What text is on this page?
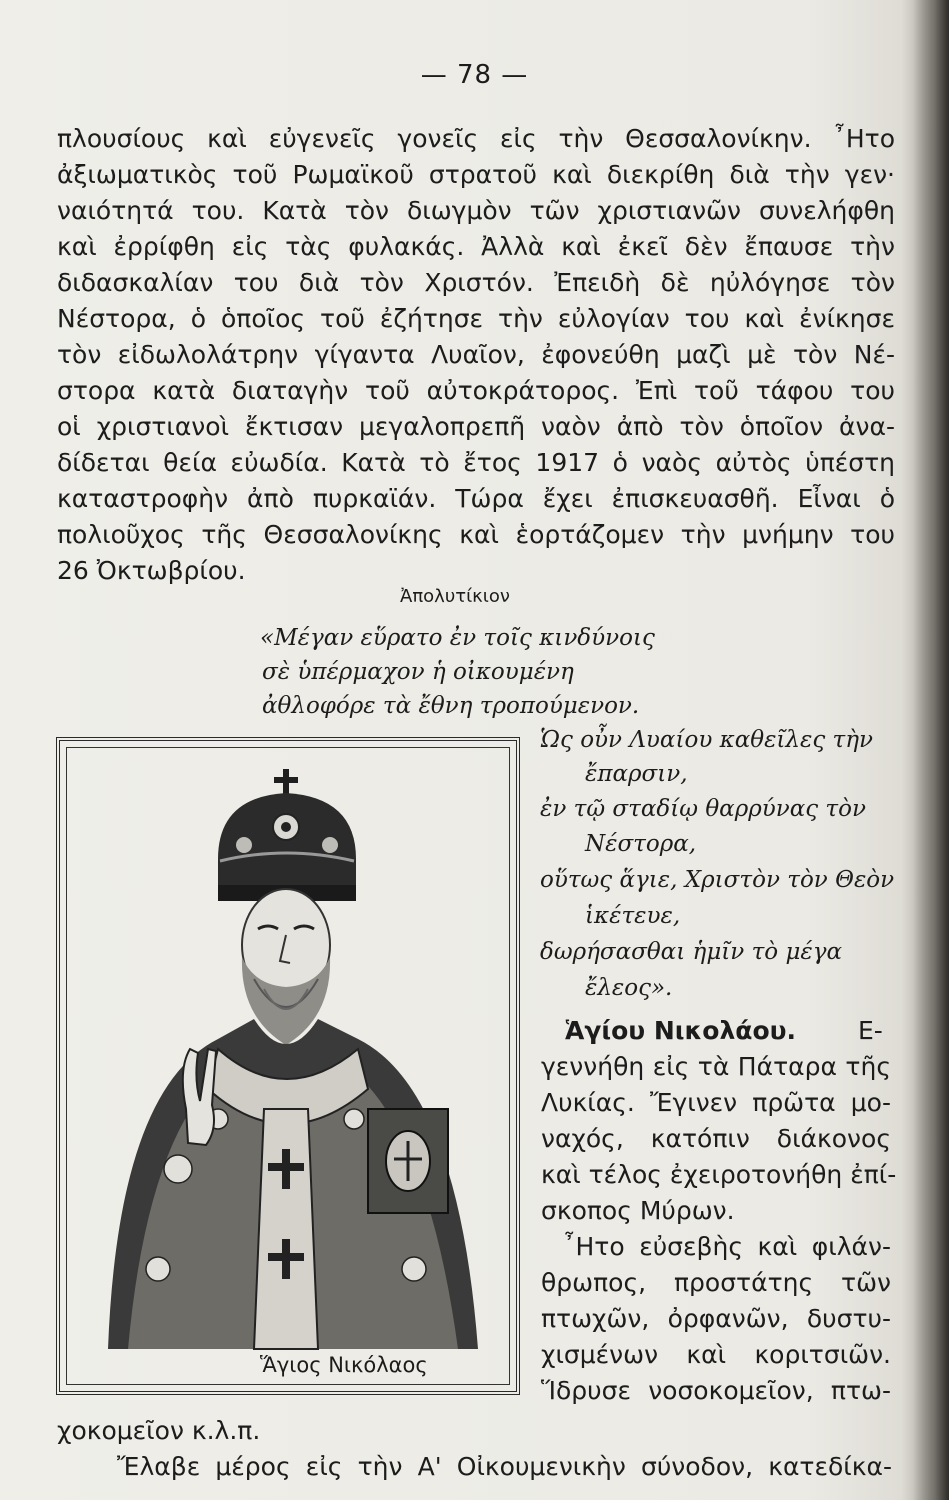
— 78 —
πλουσίους καὶ εὐγενεῖς γονεῖς εἰς τὴν Θεσσαλονίκην. ῏Ητο
ἀξιωματικὸς τοῦ Ρωμαϊκοῦ στρατοῦ καὶ διεκρίθη διὰ τὴν γεν·
ναιότητά του. Κατὰ τὸν διωγμὸν τῶν χριστιανῶν συνελήφθη
καὶ ἐρρίφθη εἰς τὰς φυλακάς. Ἀλλὰ καὶ ἐκεῖ δὲν ἔπαυσε τὴν
διδασκαλίαν του διὰ τὸν Χριστόν. Ἐπειδὴ δὲ ηὐλόγησε τὸν
Νέστορα, ὁ ὁποῖος τοῦ ἐζήτησε τὴν εὐλογίαν του καὶ ἐνίκησε
τὸν εἰδωλολάτρην γίγαντα Λυαῖον, ἐφονεύθη μαζὶ μὲ τὸν Νέ-
στορα κατὰ διαταγὴν τοῦ αὐτοκράτορος. Ἐπὶ τοῦ τάφου του
οἱ χριστιανοὶ ἔκτισαν μεγαλοπρεπῆ ναὸν ἀπὸ τὸν ὁποῖον ἀνα-
δίδεται θεία εὐωδία. Κατὰ τὸ ἔτος 1917 ὁ ναὸς αὐτὸς ὑπέστη
καταστροφὴν ἀπὸ πυρκαϊάν. Τώρα ἔχει ἐπισκευασθῆ. Εἶναι ὁ
πολιοῦχος τῆς Θεσσαλονίκης καὶ ἑορτάζομεν τὴν μνήμην του
26 Ὀκτωβρίου.
Ἀπολυτίκιον
«Μέγαν εὕρατο ἐν τοῖς κινδύνοις
σὲ ὑπέρμαχον ἡ οἰκουμένη
ἀθλοφόρε τὰ ἔθνη τροπούμενον.
Ὡς οὖν Λυαίου καθεῖλες τὴν
ἔπαρσιν,
ἐν τῷ σταδίῳ θαρρύνας τὸν
Νέστορα,
οὕτως ἅγιε, Χριστὸν τὸν Θεὸν
ἱκέτευε,
δωρήσασθαι ἡμῖν τὸ μέγα
ἔλεος».
Ἁγίου Νικολάου. Ε-
γεννήθη εἰς τὰ Πάταρα τῆς
Λυκίας. Ἔγινεν πρῶτα μο-
ναχός, κατόπιν διάκονος
καὶ τέλος ἐχειροτονήθη ἐπί-
σκοπος Μύρων.
῏Ητο εὐσεβὴς καὶ φιλάν-
θρωπος, προστάτης τῶν
πτωχῶν, ὀρφανῶν, δυστυ-
χισμένων καὶ κοριτσιῶν.
Ἵδρυσε νοσοκομεῖον, πτω-
χοκομεῖον κ.λ.π.
Ἔλαβε μέρος εἰς τὴν Α' Οἰκουμενικὴν σύνοδον, κατεδίκα-
Ἅγιος Νικόλαος
